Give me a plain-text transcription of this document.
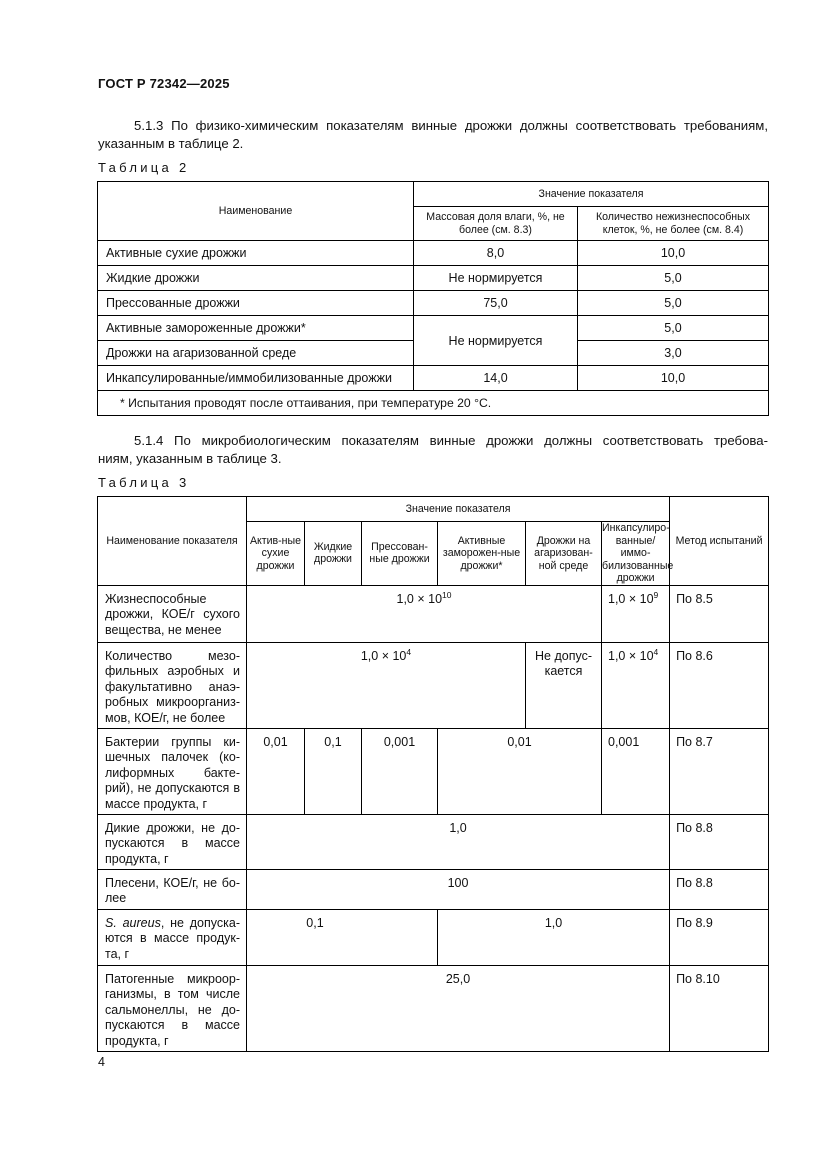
ГОСТ Р 72342—2025
5.1.3 По физико-химическим показателям винные дрожжи должны соответствовать требованиям,
указанным в таблице 2.
Таблица 2
Наименование	Значение показателя	
	Массовая доля влаги, %, не более (см. 8.3)	Количество нежизнеспособных клеток, %, не более (см. 8.4)
Активные сухие дрожжи	8,0	10,0
Жидкие дрожжи	Не нормируется	5,0
Прессованные дрожжи	75,0	5,0
Активные замороженные дрожжи*	Не нормируется	5,0
Дрожжи на агаризованной среде		3,0
Инкапсулированные/иммобилизованные дрожжи	14,0	10,0
* Испытания проводят после оттаивания, при температуре 20 °С.		
5.1.4 По микробиологическим показателям винные дрожжи должны соответствовать требова-
ниям, указанным в таблице 3.
Таблица 3
Наименование показателя	Значение показателя						Метод испытаний
	Актив-ные сухие дрожжи	Жидкие дрожжи	Прессован-ные дрожжи	Активные заморожен-ные дрожжи*	Дрожжи на агаризован-ной среде	Инкапсулиро-ванные/иммо-билизованные дрожжи	
Жизнеспособные дрожжи, КОЕ/г сухого вещества, не менее	$1,0 \times 10^{10}$					$1,0 \times 10^9$	По 8.5
Количество мезо-фильных аэробных и факультативно анаэ-робных микроорганиз-мов, КОЕ/г, не более	$1,0 \times 10^4$				Не допус-кается	$1,0 \times 10^4$	По 8.6
Бактерии группы ки-шечных палочек (ко-лиформных бакте-рий), не допускаются в массе продукта, г	0,01	0,1	0,001	0,01		0,001	По 8.7
Дикие дрожжи, не до-пускаются в массе продукта, г	1,0						По 8.8
Плесени, КОЕ/г, не бо-лее	100						По 8.8
S. aureus, не допуска-ются в массе продук-та, г	0,1			1,0			По 8.9
Патогенные микроор-ганизмы, в том числе сальмонеллы, не до-пускаются в массе продукта, г	25,0						По 8.10
4
